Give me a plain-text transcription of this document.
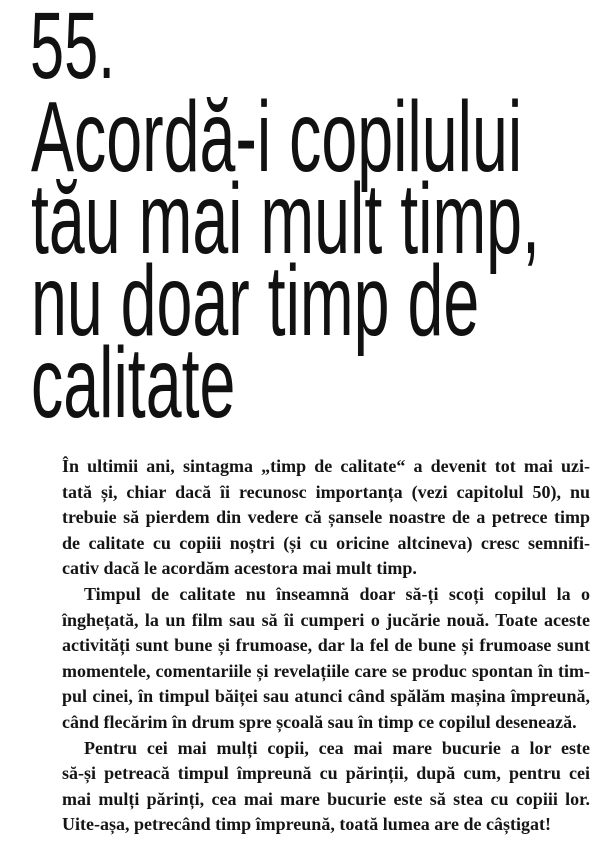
55.
Acordă-i copilului
tău mai mult timp,
nu doar timp de
calitate
În ultimii ani, sintagma „timp de calitate“ a devenit tot mai uzi-
tată și, chiar dacă îi recunosc importanța (vezi capitolul 50), nu
trebuie să pierdem din vedere că șansele noastre de a petrece timp
de calitate cu copiii noștri (și cu oricine altcineva) cresc semnifi-
cativ dacă le acordăm acestora mai mult timp.
Timpul de calitate nu înseamnă doar să-ți scoți copilul la o
înghețată, la un film sau să îi cumperi o jucărie nouă. Toate aceste
activități sunt bune și frumoase, dar la fel de bune și frumoase sunt
momentele, comentariile și revelațiile care se produc spontan în tim-
pul cinei, în timpul băiței sau atunci când spălăm mașina împreună,
când flecărim în drum spre școală sau în timp ce copilul desenează.
Pentru cei mai mulți copii, cea mai mare bucurie a lor este
să-și petreacă timpul împreună cu părinții, după cum, pentru cei
mai mulți părinți, cea mai mare bucurie este să stea cu copiii lor.
Uite-așa, petrecând timp împreună, toată lumea are de câștigat!
